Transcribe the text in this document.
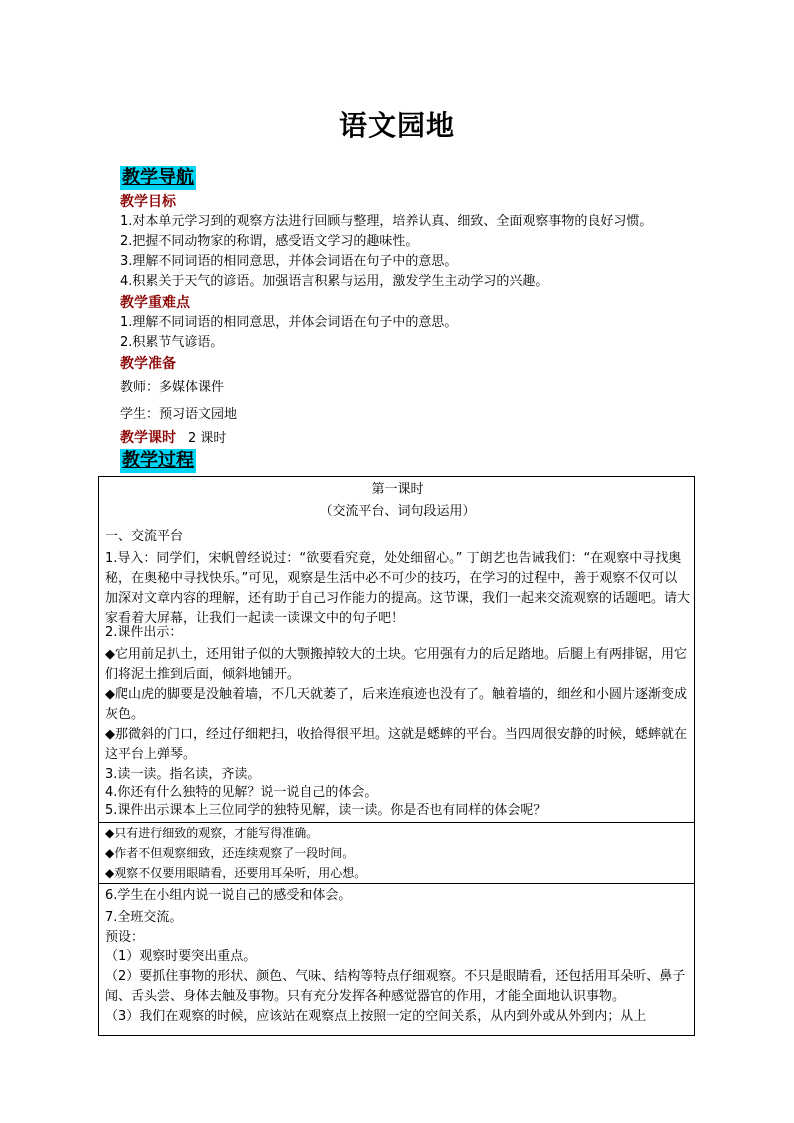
语文园地
教学导航
教学目标
1.对本单元学习到的观察方法进行回顾与整理，培养认真、细致、全面观察事物的良好习惯。
2.把握不同动物家的称谓，感受语文学习的趣味性。
3.理解不同词语的相同意思，并体会词语在句子中的意思。
4.积累关于天气的谚语。加强语言积累与运用，激发学生主动学习的兴趣。
教学重难点
1.理解不同词语的相同意思，并体会词语在句子中的意思。
2.积累节气谚语。
教学准备
教师：多媒体课件
学生：预习语文园地
教学课时 2 课时
教学过程
第一课时
（交流平台、词句段运用）
一、交流平台
1.导入：同学们，宋帆曾经说过：“欲要看究竟，处处细留心。” 丁朗艺也告诫我们：“在观察中寻找奥秘，在奥秘中寻找快乐。”可见，观察是生活中必不可少的技巧，在学习的过程中，善于观察不仅可以加深对文章内容的理解，还有助于自己习作能力的提高。这节课，我们一起来交流观察的话题吧。请大家看着大屏幕，让我们一起读一读课文中的句子吧！
2.课件出示：
◆它用前足扒土，还用钳子似的大颚搬掉较大的土块。它用强有力的后足踏地。后腿上有两排锯，用它们将泥土推到后面，倾斜地铺开。
◆爬山虎的脚要是没触着墙，不几天就萎了，后来连痕迹也没有了。触着墙的，细丝和小圆片逐渐变成灰色。
◆那微斜的门口，经过仔细耙扫，收拾得很平坦。这就是蟋蟀的平台。当四周很安静的时候，蟋蟀就在这平台上弹琴。
3.读一读。指名读，齐读。
4.你还有什么独特的见解？说一说自己的体会。
5.课件出示课本上三位同学的独特见解，读一读。你是否也有同样的体会呢？
◆只有进行细致的观察，才能写得准确。
◆作者不但观察细致，还连续观察了一段时间。
◆观察不仅要用眼睛看，还要用耳朵听，用心想。
6.学生在小组内说一说自己的感受和体会。
7.全班交流。
预设：
（1）观察时要突出重点。
（2）要抓住事物的形状、颜色、气味、结构等特点仔细观察。不只是眼睛看，还包括用耳朵听、鼻子闻、舌头尝、身体去触及事物。只有充分发挥各种感觉器官的作用，才能全面地认识事物。
（3）我们在观察的时候，应该站在观察点上按照一定的空间关系，从内到外或从外到内；从上
